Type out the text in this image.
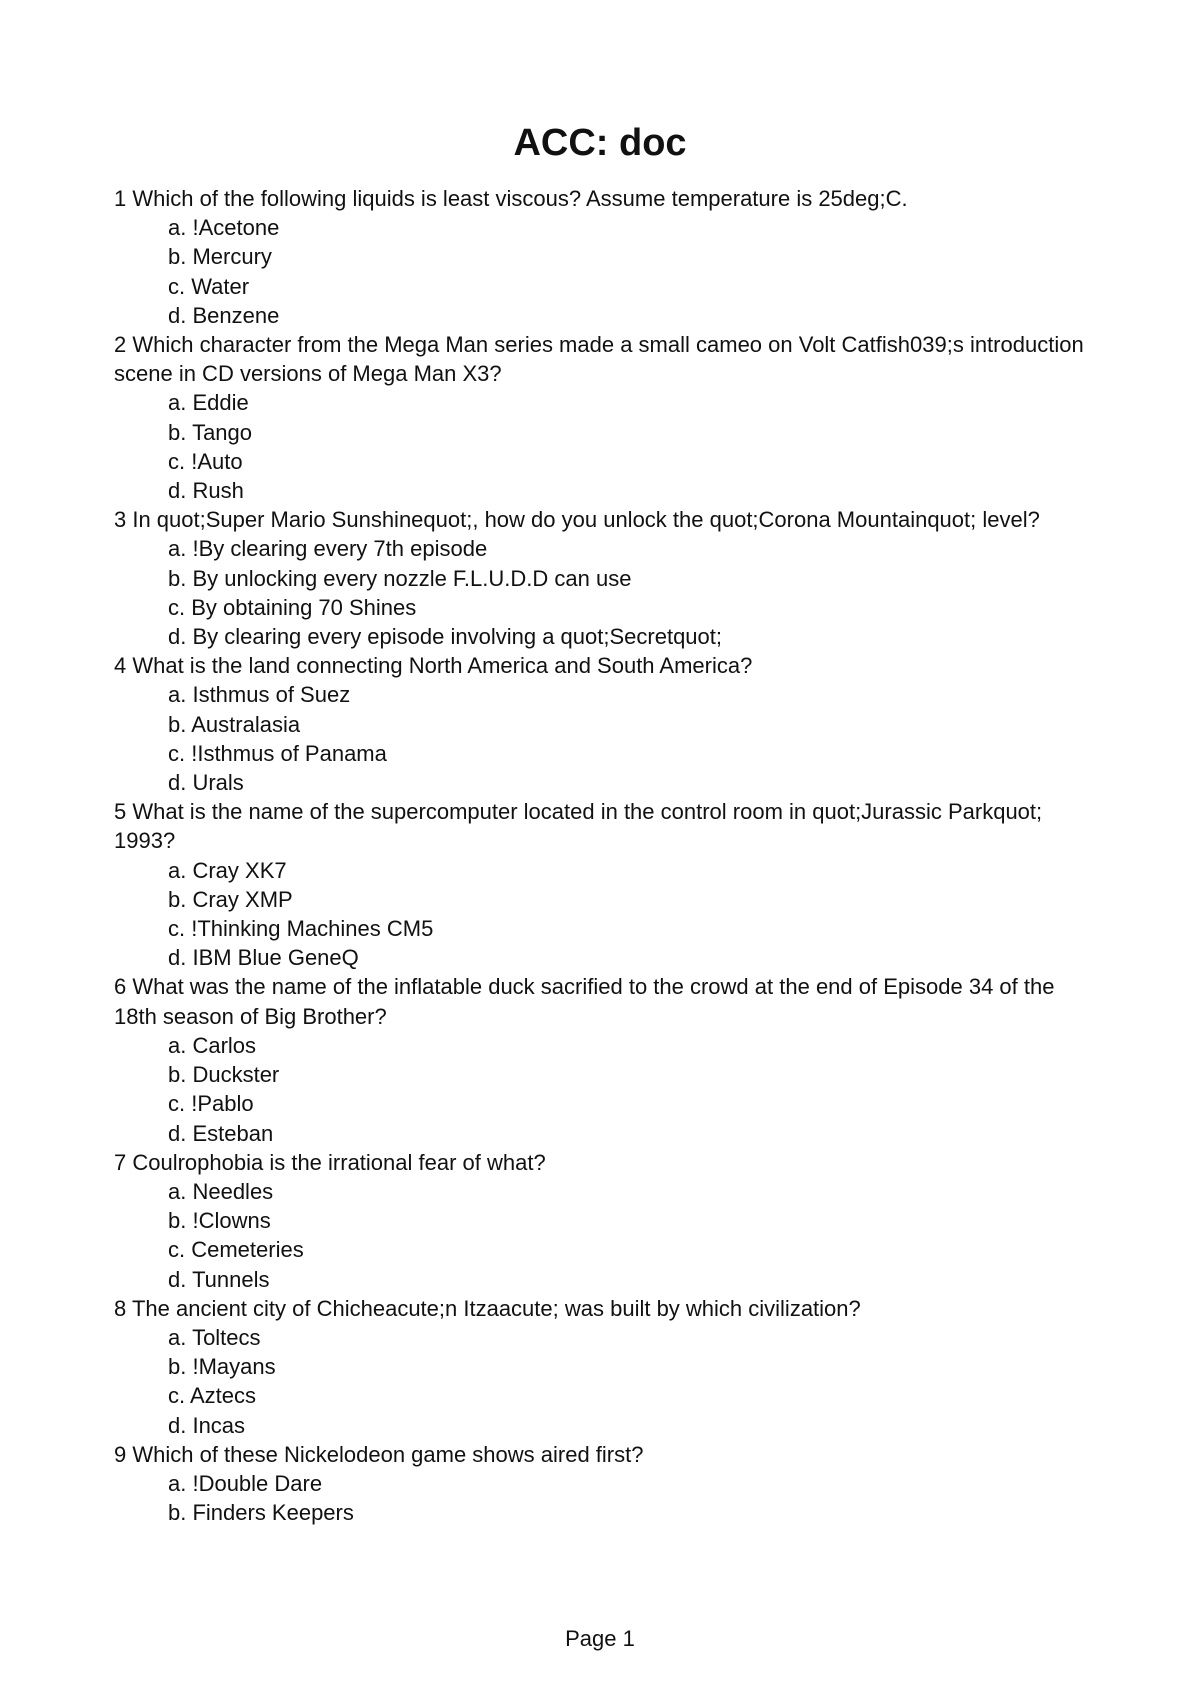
ACC: doc

1 Which of the following liquids is least viscous? Assume temperature is 25deg;C.

a. !Acetone

b. Mercury

c. Water

d. Benzene

2 Which character from the Mega Man series made a small cameo on Volt Catfish039;s introduction scene in CD versions of Mega Man X3?

a. Eddie

b. Tango

c. !Auto

d. Rush

3 In quot;Super Mario Sunshinequot;, how do you unlock the quot;Corona Mountainquot; level?

a. !By clearing every 7th episode

b. By unlocking every nozzle F.L.U.D.D can use

c. By obtaining 70 Shines

d. By clearing every episode involving a quot;Secretquot;

4 What is the land connecting North America and South America?

a. Isthmus of Suez

b. Australasia

c. !Isthmus of Panama

d. Urals

5 What is the name of the supercomputer located in the control room in quot;Jurassic Parkquot; 1993?

a. Cray XK7

b. Cray XMP

c. !Thinking Machines CM5

d. IBM Blue GeneQ

6 What was the name of the inflatable duck sacrified to the crowd at the end of Episode 34 of the 18th season of Big Brother?

a. Carlos

b. Duckster

c. !Pablo

d. Esteban

7 Coulrophobia is the irrational fear of what?

a. Needles

b. !Clowns

c. Cemeteries

d. Tunnels

8 The ancient city of Chicheacute;n Itzaacute; was built by which civilization?

a. Toltecs

b. !Mayans

c. Aztecs

d. Incas

9 Which of these Nickelodeon game shows aired first?

a. !Double Dare

b. Finders Keepers

Page 1
